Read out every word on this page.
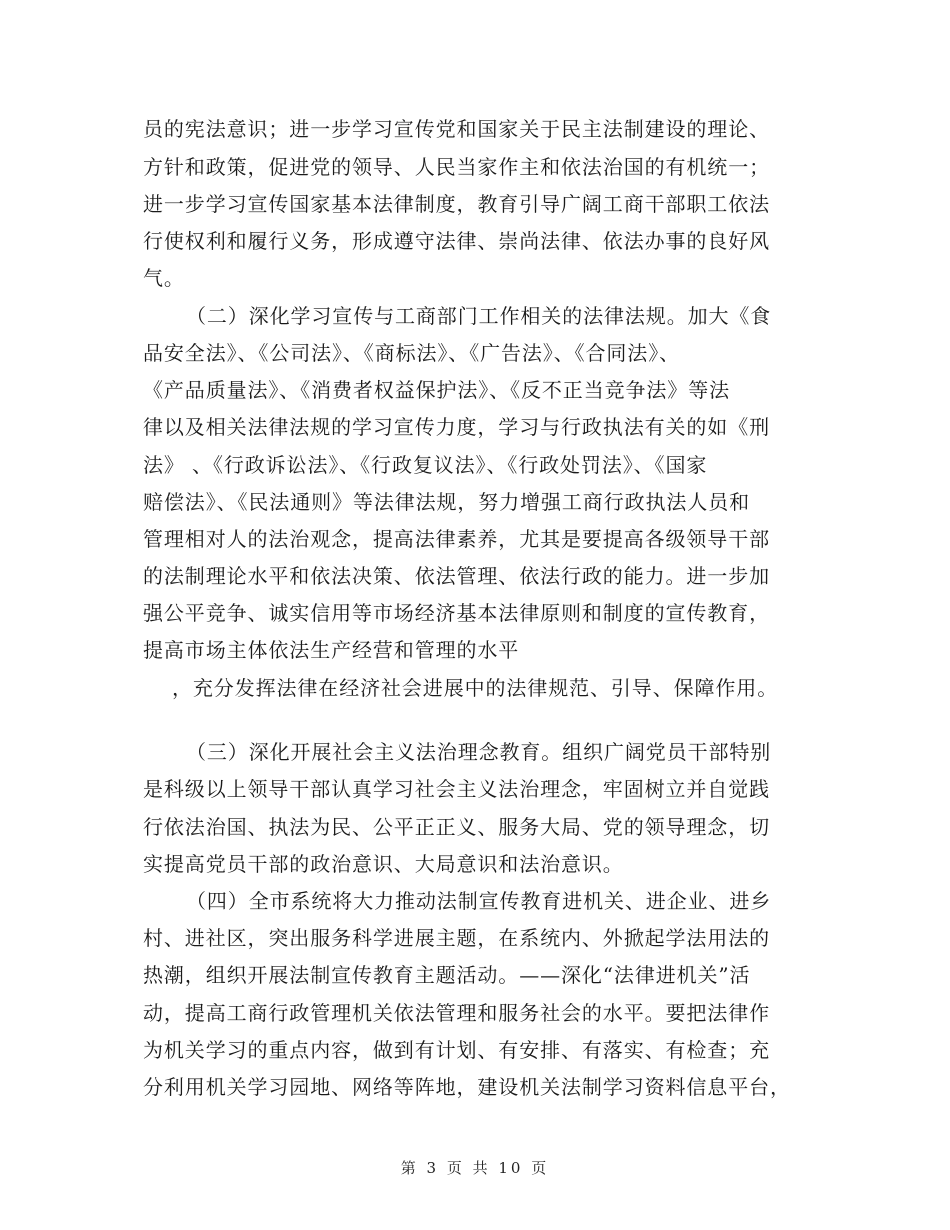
员的宪法意识；进一步学习宣传党和国家关于民主法制建设的理论、
方针和政策，促进党的领导、人民当家作主和依法治国的有机统一；
进一步学习宣传国家基本法律制度，教育引导广阔工商干部职工依法
行使权利和履行义务，形成遵守法律、崇尚法律、依法办事的良好风
气。
（二）深化学习宣传与工商部门工作相关的法律法规。加大《食
品安全法》、《公司法》、《商标法》、《广告法》、《合同法》、
《产品质量法》、《消费者权益保护法》、《反不正当竞争法》等法
律以及相关法律法规的学习宣传力度，学习与行政执法有关的如《刑
法》 、《行政诉讼法》、《行政复议法》、《行政处罚法》、《国家
赔偿法》、《民法通则》等法律法规，努力增强工商行政执法人员和
管理相对人的法治观念，提高法律素养，尤其是要提高各级领导干部
的法制理论水平和依法决策、依法管理、依法行政的能力。进一步加
强公平竞争、诚实信用等市场经济基本法律原则和制度的宣传教育，
提高市场主体依法生产经营和管理的水平
，充分发挥法律在经济社会进展中的法律规范、引导、保障作用。
（三）深化开展社会主义法治理念教育。组织广阔党员干部特别
是科级以上领导干部认真学习社会主义法治理念，牢固树立并自觉践
行依法治国、执法为民、公平正正义、服务大局、党的领导理念，切
实提高党员干部的政治意识、大局意识和法治意识。
（四）全市系统将大力推动法制宣传教育进机关、进企业、进乡
村、进社区，突出服务科学进展主题，在系统内、外掀起学法用法的
热潮，组织开展法制宣传教育主题活动。——深化“法律进机关”活
动，提高工商行政管理机关依法管理和服务社会的水平。要把法律作
为机关学习的重点内容，做到有计划、有安排、有落实、有检查；充
分利用机关学习园地、网络等阵地，建设机关法制学习资料信息平台，
第 3 页 共 10 页
